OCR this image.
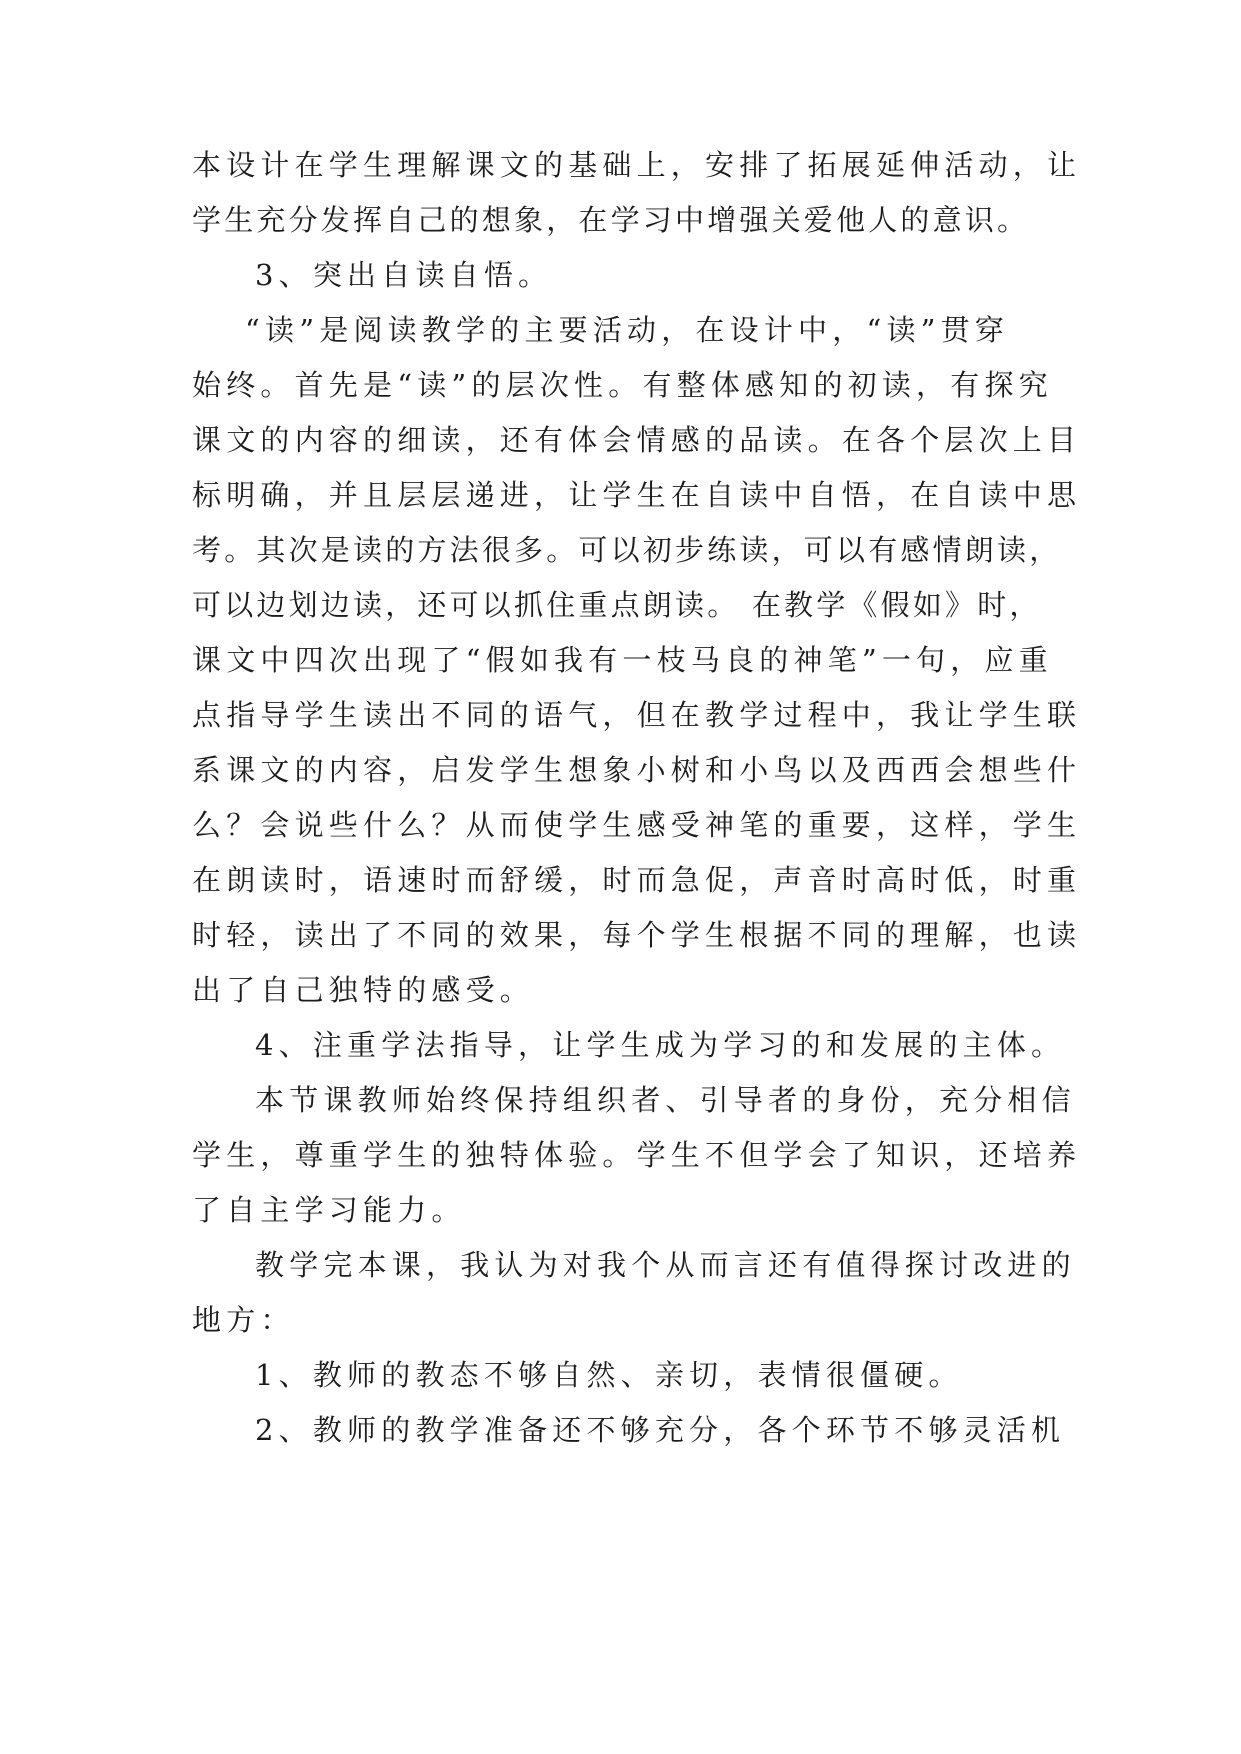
本设计在学生理解课文的基础上，安排了拓展延伸活动，让
学生充分发挥自己的想象，在学习中增强关爱他人的意识。
3、突出自读自悟。
“读”是阅读教学的主要活动，在设计中，“读”贯穿
始终。首先是“读”的层次性。有整体感知的初读，有探究
课文的内容的细读，还有体会情感的品读。在各个层次上目
标明确，并且层层递进，让学生在自读中自悟，在自读中思
考。其次是读的方法很多。可以初步练读，可以有感情朗读，
可以边划边读，还可以抓住重点朗读。 在教学《假如》时，
课文中四次出现了“假如我有一枝马良的神笔”一句，应重
点指导学生读出不同的语气，但在教学过程中，我让学生联
系课文的内容，启发学生想象小树和小鸟以及西西会想些什
么？会说些什么？从而使学生感受神笔的重要，这样，学生
在朗读时，语速时而舒缓，时而急促，声音时高时低，时重
时轻，读出了不同的效果，每个学生根据不同的理解，也读
出了自己独特的感受。
4、注重学法指导，让学生成为学习的和发展的主体。
本节课教师始终保持组织者、引导者的身份，充分相信
学生，尊重学生的独特体验。学生不但学会了知识，还培养
了自主学习能力。
教学完本课，我认为对我个从而言还有值得探讨改进的
地方：
1、教师的教态不够自然、亲切，表情很僵硬。
2、教师的教学准备还不够充分，各个环节不够灵活机
